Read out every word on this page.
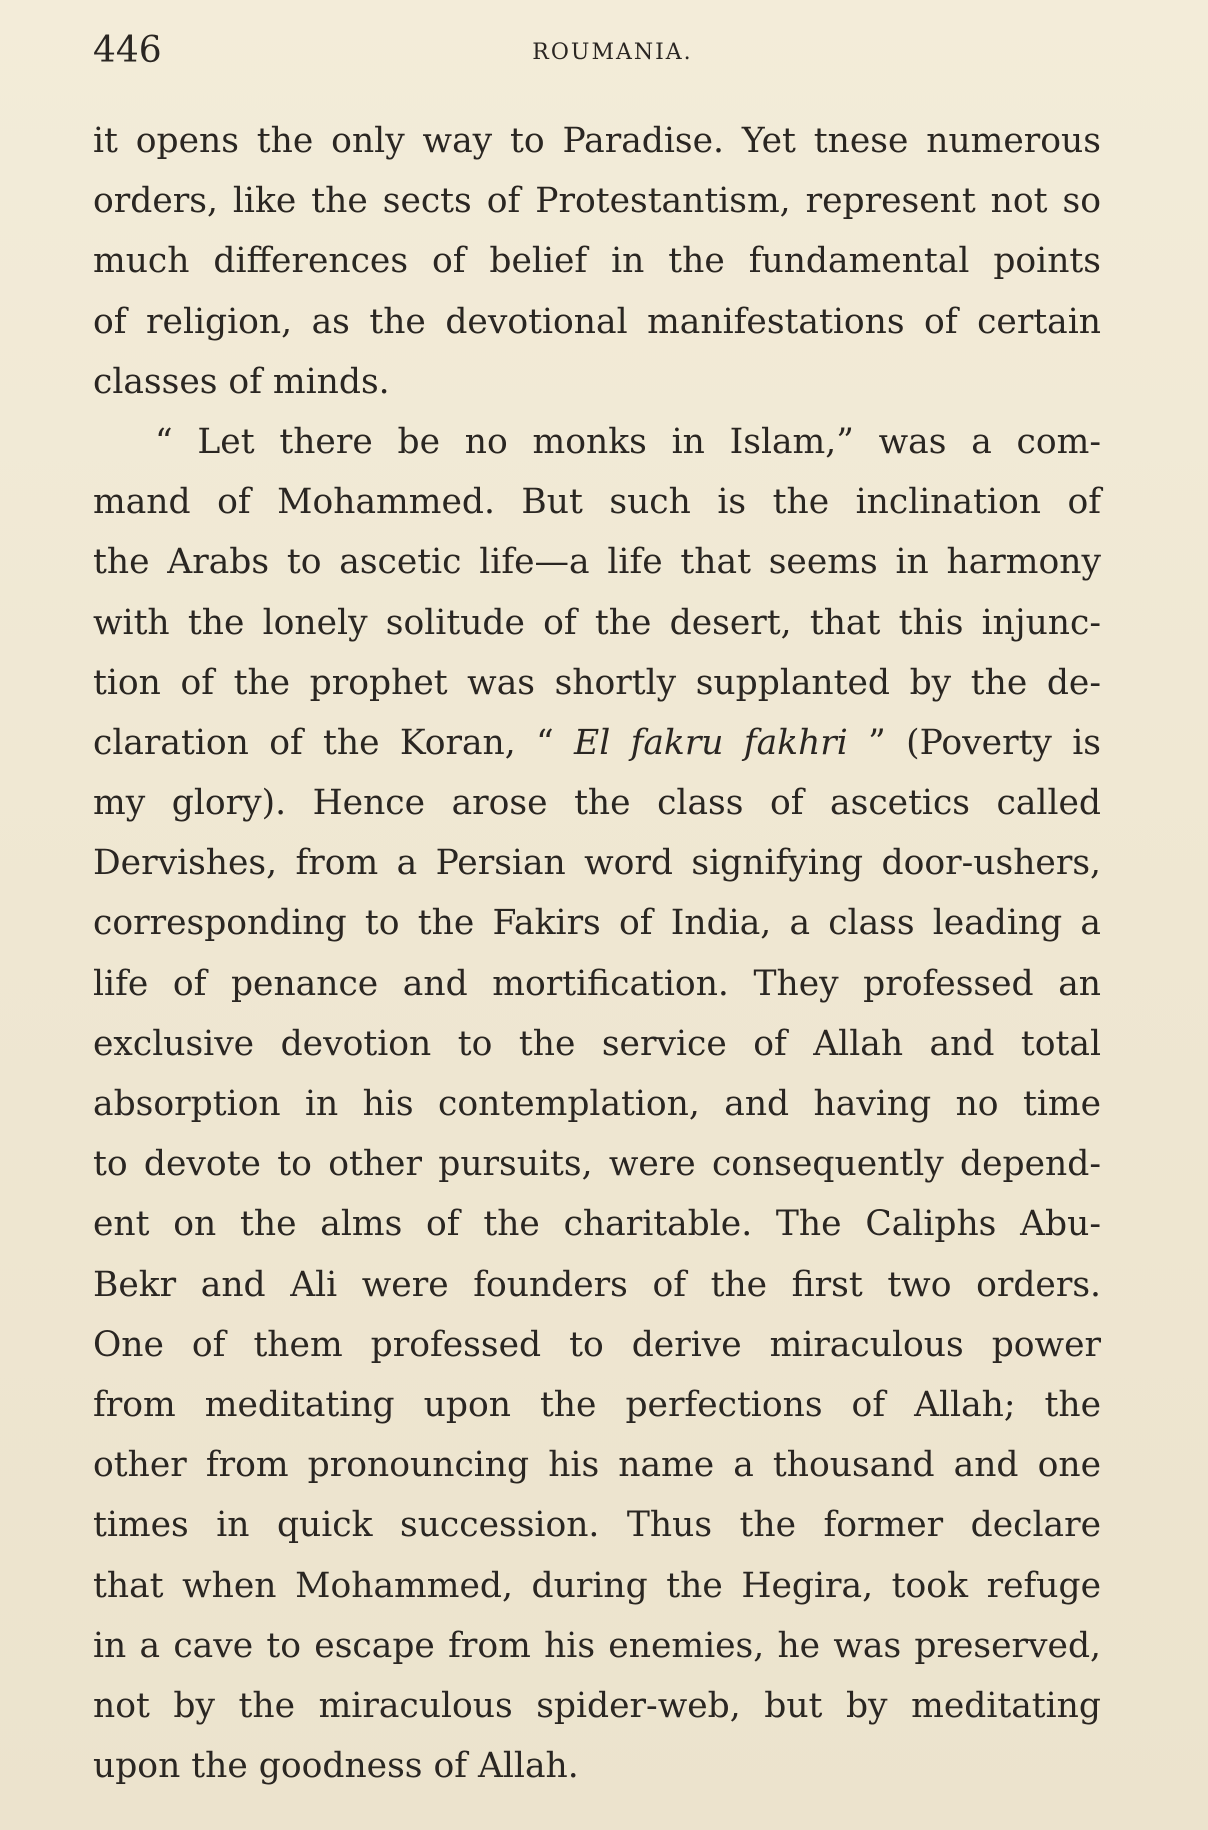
446	ROUMANIA.
it opens the only way to Paradise. Yet tnese numerous
orders, like the sects of Protestantism, represent not so
much differences of belief in the fundamental points
of religion, as the devotional manifestations of certain
classes of minds.
“ Let there be no monks in Islam,” was a com-
mand of Mohammed. But such is the inclination of
the Arabs to ascetic life—a life that seems in harmony
with the lonely solitude of the desert, that this injunc-
tion of the prophet was shortly supplanted by the de-
claration of the Koran, “ El fakru fakhri ” (Poverty is
my glory). Hence arose the class of ascetics called
Dervishes, from a Persian word signifying door-ushers,
corresponding to the Fakirs of India, a class leading a
life of penance and mortification. They professed an
exclusive devotion to the service of Allah and total
absorption in his contemplation, and having no time
to devote to other pursuits, were consequently depend-
ent on the alms of the charitable. The Caliphs Abu-
Bekr and Ali were founders of the first two orders.
One of them professed to derive miraculous power
from meditating upon the perfections of Allah; the
other from pronouncing his name a thousand and one
times in quick succession. Thus the former declare
that when Mohammed, during the Hegira, took refuge
in a cave to escape from his enemies, he was preserved,
not by the miraculous spider-web, but by meditating
upon the goodness of Allah.
